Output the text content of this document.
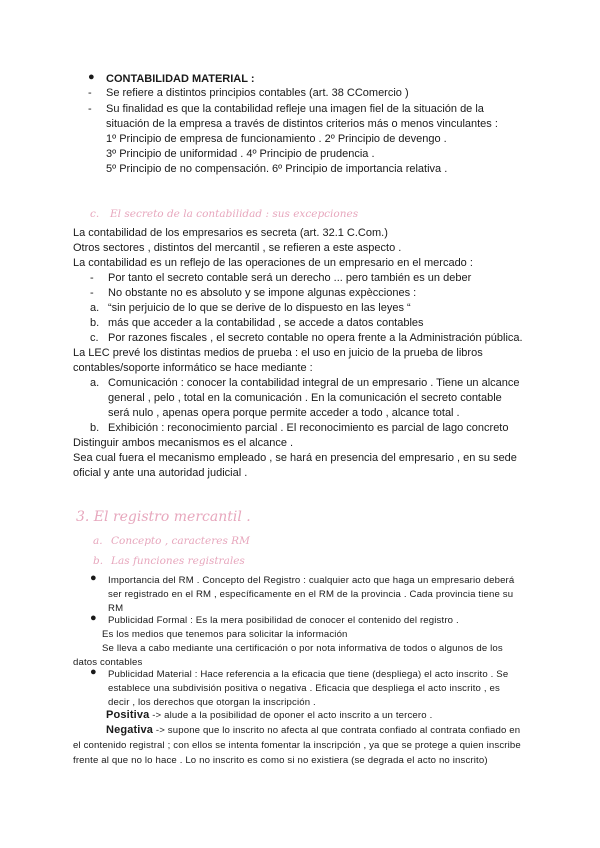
● CONTABILIDAD MATERIAL :
- Se refiere a distintos principios contables (art. 38 CComercio )
- Su finalidad es que la contabilidad refleje una imagen fiel de la situación de la
situación de la empresa a través de distintos criterios más o menos vinculantes :
1º Principio de empresa de funcionamiento . 2º Principio de devengo .
3º Principio de uniformidad . 4º Principio de prudencia .
5º Principio de no compensación. 6º Principio de importancia relativa .
c. El secreto de la contabilidad : sus excepciones
La contabilidad de los empresarios es secreta (art. 32.1 C.Com.)
Otros sectores , distintos del mercantil , se refieren a este aspecto .
La contabilidad es un reflejo de las operaciones de un empresario en el mercado :
- Por tanto el secreto contable será un derecho ... pero también es un deber
- No obstante no es absoluto y se impone algunas expècciones :
a. “sin perjuicio de lo que se derive de lo dispuesto en las leyes “
b. más que acceder a la contabilidad , se accede a datos contables
c. Por razones fiscales , el secreto contable no opera frente a la Administración pública.
La LEC prevé los distintas medios de prueba : el uso en juicio de la prueba de libros
contables/soporte informático se hace mediante :
a. Comunicación : conocer la contabilidad integral de un empresario . Tiene un alcance
general , pelo , total en la comunicación . En la comunicación el secreto contable
será nulo , apenas opera porque permite acceder a todo , alcance total .
b. Exhibición : reconocimiento parcial . El reconocimiento es parcial de lago concreto
Distinguir ambos mecanismos es el alcance .
Sea cual fuera el mecanismo empleado , se hará en presencia del empresario , en su sede
oficial y ante una autoridad judicial .
3. El registro mercantil .
a. Concepto , caracteres RM
b. Las funciones registrales
● Importancia del RM . Concepto del Registro : cualquier acto que haga un empresario deberá
ser registrado en el RM , específicamente en el RM de la provincia . Cada provincia tiene su
RM
● Publicidad Formal : Es la mera posibilidad de conocer el contenido del registro .
Es los medios que tenemos para solicitar la información
Se lleva a cabo mediante una certificación o por nota informativa de todos o algunos de los
datos contables
● Publicidad Material : Hace referencia a la eficacia que tiene (despliega) el acto inscrito . Se
establece una subdivisión positiva o negativa . Eficacia que despliega el acto inscrito , es
decir , los derechos que otorgan la inscripción .
Positiva -> alude a la posibilidad de oponer el acto inscrito a un tercero .
Negativa -> supone que lo inscrito no afecta al que contrata confiado al contrata confiado en
el contenido registral ; con ellos se intenta fomentar la inscripción , ya que se protege a quien inscribe
frente al que no lo hace . Lo no inscrito es como si no existiera (se degrada el acto no inscrito)
